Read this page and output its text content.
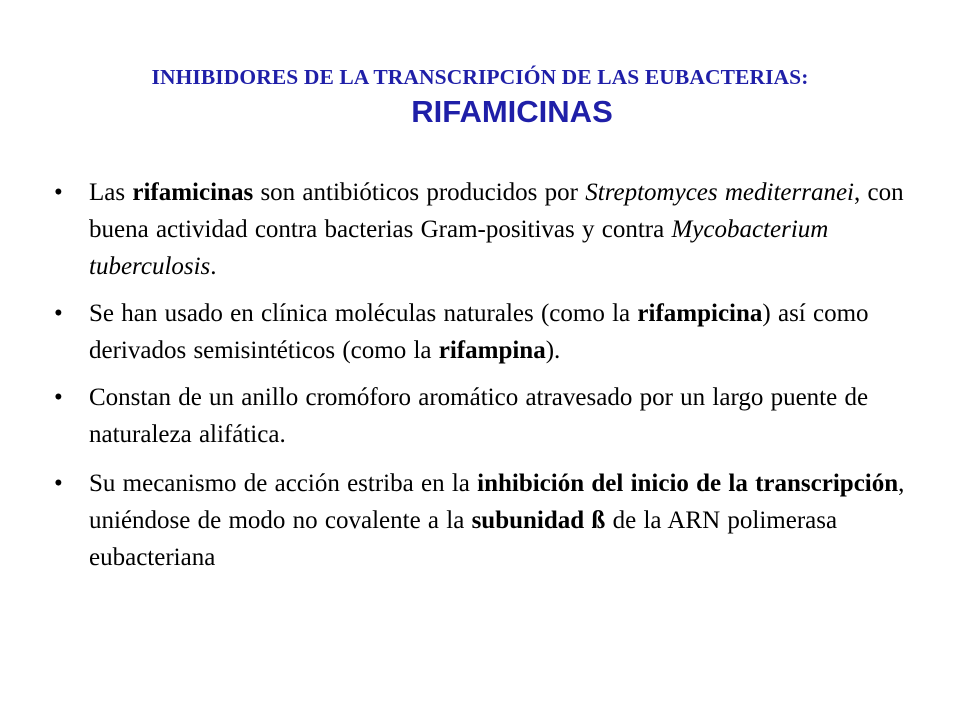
INHIBIDORES DE LA TRANSCRIPCIÓN DE LAS EUBACTERIAS:
RIFAMICINAS
• Las rifamicinas son antibióticos producidos por Streptomyces mediterranei, con buena actividad contra bacterias Gram-positivas y contra Mycobacterium tuberculosis.
• Se han usado en clínica moléculas naturales (como la rifampicina) así como derivados semisintéticos (como la rifampina).
• Constan de un anillo cromóforo aromático atravesado por un largo puente de naturaleza alifática.
• Su mecanismo de acción estriba en la inhibición del inicio de la transcripción, uniéndose de modo no covalente a la subunidad ß de la ARN polimerasa eubacteriana
